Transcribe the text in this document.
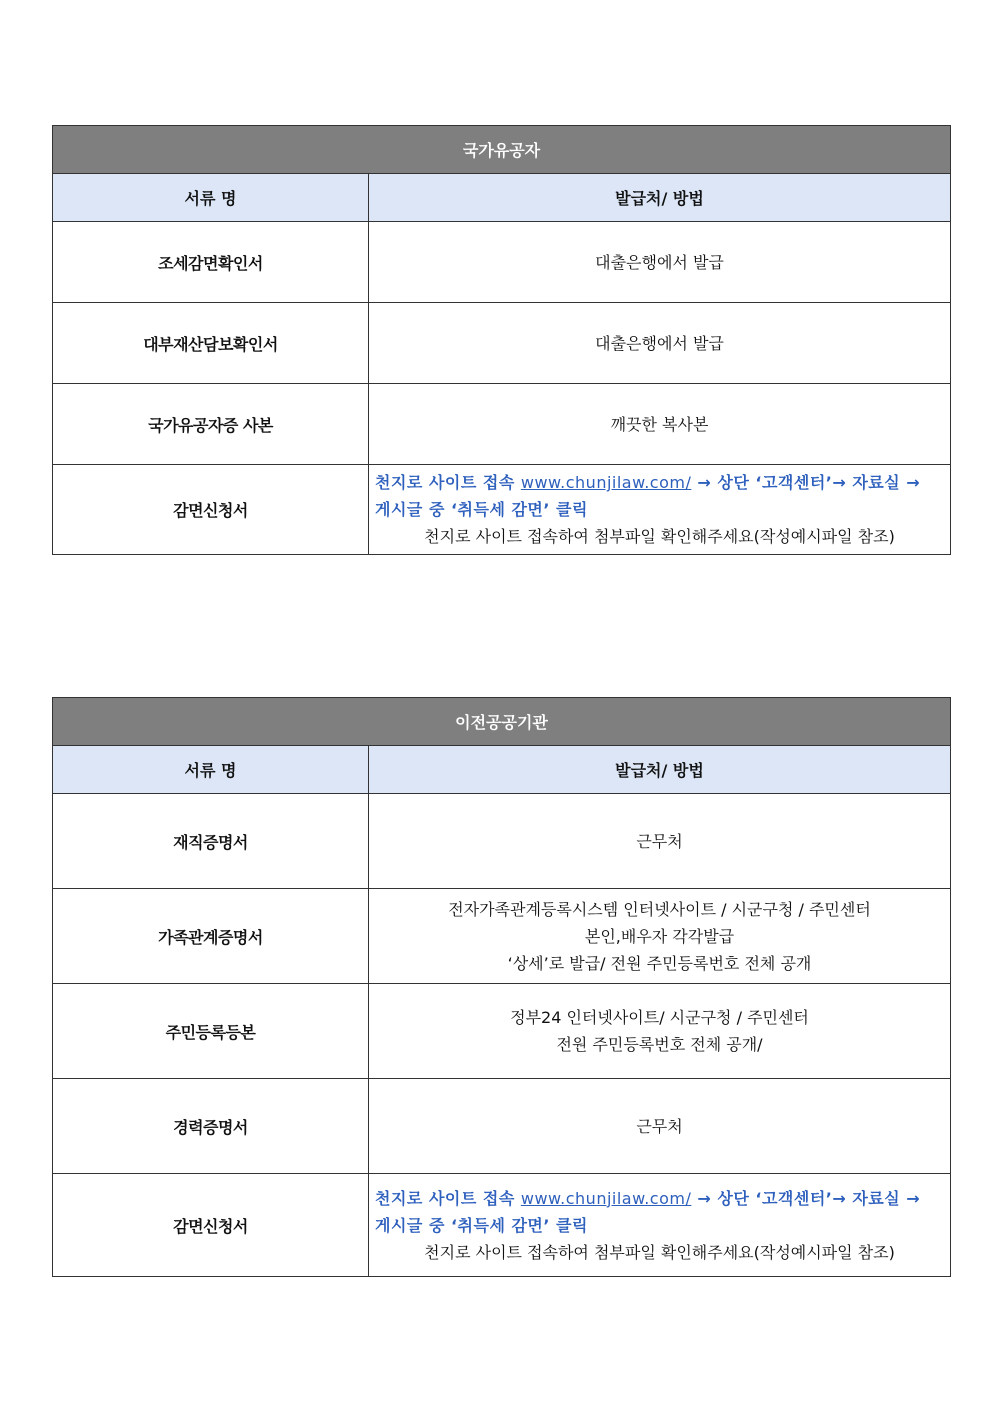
국가유공자	
서류 명	발급처/ 방법
조세감면확인서	대출은행에서 발급
대부재산담보확인서	대출은행에서 발급
국가유공자증 사본	깨끗한 복사본
감면신청서	천지로 사이트 접속 www.chunjilaw.com/ → 상단 ‘고객센터’→ 자료실 →
게시글 중 ‘취득세 감면’ 클릭
천지로 사이트 접속하여 첨부파일 확인해주세요(작성예시파일 참조)
이전공공기관	
서류 명	발급처/ 방법
재직증명서	근무처
가족관계증명서	전자가족관계등록시스템 인터넷사이트 / 시군구청 / 주민센터
본인,배우자 각각발급
‘상세’로 발급/ 전원 주민등록번호 전체 공개

주민등록등본	정부24 인터넷사이트/ 시군구청 / 주민센터
전원 주민등록번호 전체 공개/

경력증명서	근무처
감면신청서	천지로 사이트 접속 www.chunjilaw.com/ → 상단 ‘고객센터’→ 자료실 →
게시글 중 ‘취득세 감면’ 클릭
천지로 사이트 접속하여 첨부파일 확인해주세요(작성예시파일 참조)
